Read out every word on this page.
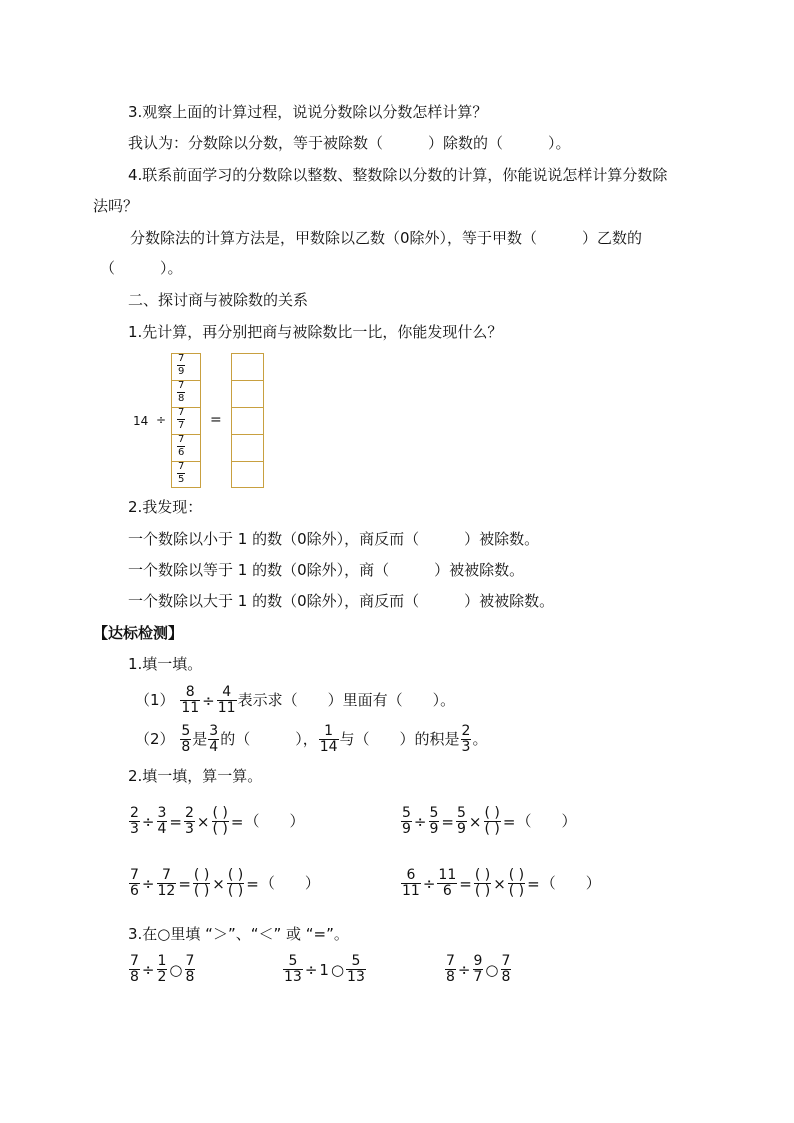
3.观察上面的计算过程，说说分数除以分数怎样计算？
我认为：分数除以分数，等于被除数（　　　）除数的（　　　）。
4.联系前面学习的分数除以整数、整数除以分数的计算，你能说说怎样计算分数除
法吗？
分数除法的计算方法是，甲数除以乙数（0除外），等于甲数（　　　）乙数的
（　　　）。
二、探讨商与被除数的关系
1.先计算，再分别把商与被除数比一比，你能发现什么？
14 ÷
$\frac{7}{9}$
$\frac{7}{8}$
$\frac{7}{7}$
$\frac{7}{6}$
$\frac{7}{5}$
=
2.我发现：
一个数除以小于 1 的数（0除外），商反而（　　　）被除数。
一个数除以等于 1 的数（0除外），商（　　　）被被除数。
一个数除以大于 1 的数（0除外），商反而（　　　）被被除数。
【达标检测】
1.填一填。
$(1) \frac{8}{11} \div \frac{4}{11}$ 表示求（　　）里面有（　　）。
$(2) \frac{5}{8}$ 是 $\frac{3}{4}$ 的（　　　）， $\frac{1}{14}$ 与（　　）的积是 $\frac{2}{3}$ 。
2.填一填，算一算。
$\frac{2}{3} \div \frac{3}{4} = \frac{2}{3} \times \frac{( )}{( )}$ =（　　）	$\frac{5}{9} \div \frac{5}{9} = \frac{5}{9} \times \frac{( )}{( )}$ =（　　）
$\frac{7}{6} \div \frac{7}{12} = \frac{( )}{( )} \times \frac{( )}{( )}$ =（　　）	$\frac{6}{11} \div \frac{11}{6} = \frac{( )}{( )} \times \frac{( )}{( )}$ =（　　）
3.在○里填 “＞”、“＜” 或 “=”。
$\frac{7}{8} \div \frac{1}{2}$ ○ $\frac{7}{8}$	$\frac{5}{13} \div 1$ ○ $\frac{5}{13}$	$\frac{7}{8} \div \frac{9}{7}$ ○ $\frac{7}{8}$
